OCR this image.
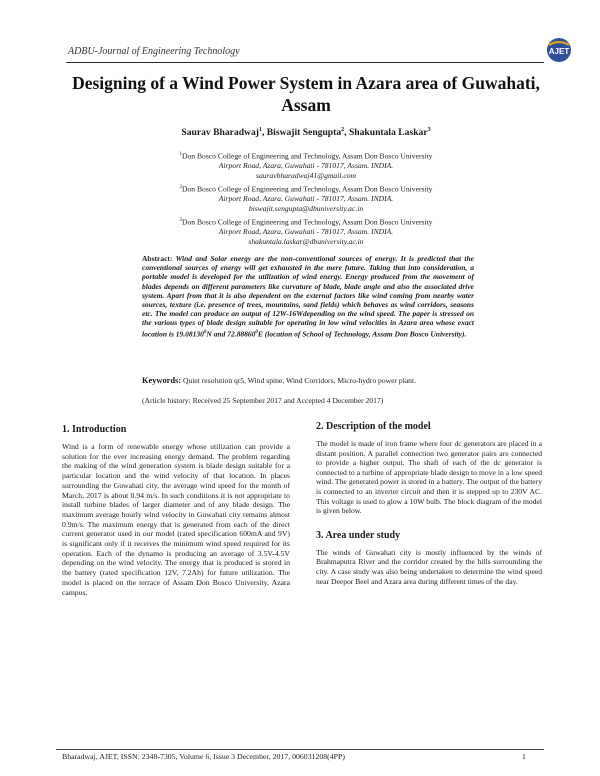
ADBU-Journal of Engineering Technology	AJET
Designing of a Wind Power System in Azara area of Guwahati, Assam
Saurav Bharadwaj$^1$, Biswajit Sengupta$^2$, Shakuntala Laskar$^3$
$^1$Don Bosco College of Engineering and Technology, Assam Don Bosco University
Airport Road, Azara, Guwahati - 781017, Assam. INDIA.
sauravbharadwaj41@gmail.com
$^2$Don Bosco College of Engineering and Technology, Assam Don Bosco University
Airport Road, Azara, Guwahati - 781017, Assam. INDIA.
biswajit.sengupta@dbuniversity.ac.in
$^3$Don Bosco College of Engineering and Technology, Assam Don Bosco University
Airport Road, Azara, Guwahati - 781017, Assam. INDIA.
shakuntala.laskar@dbuniversity.ac.in
Abstract: Wind and Solar energy are the non-conventional sources of energy. It is predicted that the conventional sources of energy will get exhausted in the mere future. Taking that into consideration, a portable model is developed for the utilization of wind energy. Energy produced from the movement of blades depends on different parameters like curvature of blade, blade angle and also the associated drive system. Apart from that it is also dependent on the external factors like wind coming from nearby water sources, texture (i.e. presence of trees, mountains, sand fields) which behaves as wind corridors, seasons etc. The model can produce an output of 12W-16Wdepending on the wind speed. The paper is stressed on the various types of blade design suitable for operating in low wind velocities in Azara area whose exact location is 19.08130$^0$N and 72.88860$^0$E (location of School of Technology, Assam Don Bosco University).
Keywords: Quiet resolution qr5, Wind spine, Wind Corridors, Micro-hydro power plant.
(Article history: Received 25 September 2017 and Accepted 4 December 2017)
1. Introduction

Wind is a form of renewable energy whose utilization can provide a solution for the ever increasing energy demand. The problem regarding the making of the wind generation system is blade design suitable for a particular location and the wind velocity of that location. In places surrounding the Guwahati city, the average wind speed for the month of March, 2017 is about 0.94 m/s. In such conditions it is not appropriate to install turbine blades of larger diameter and of any blade design. The maximum average hourly wind velocity in Guwahati city remains almost 0.9m/s. The maximum energy that is generated from each of the direct current generator used in our model (rated specification 600mA and 9V) is significant only if it receives the minimum wind speed required for its operation. Each of the dynamo is producing an average of 3.5V-4.5V depending on the wind velocity. The energy that is produced is stored in the battery (rated specification 12V, 7.2Ah) for future utilization. The model is placed on the terrace of Assam Don Bosco University, Azara campus.

2. Description of the model

The model is made of iron frame where four dc generators are placed in a distant position. A parallel connection two generator pairs are connected to provide a higher output. The shaft of each of the dc generator is connected to a turbine of appropriate blade design to move in a low speed wind. The generated power is stored in a battery. The output of the battery is connected to an inverter circuit and then it is stepped up to 230V AC. This voltage is used to glow a 10W bulb. The block diagram of the model is given below.

3. Area under study

The winds of Guwahati city is mostly influenced by the winds of Brahmaputra River and the corridor created by the hills surrounding the city. A case study was also being undertaken to determine the wind speed near Deepor Beel and Azara area during different times of the day.

Bharadwaj, AJET, ISSN: 2348-7305, Volume 6, Issue 3 December, 2017, 006031208(4PP)	1
